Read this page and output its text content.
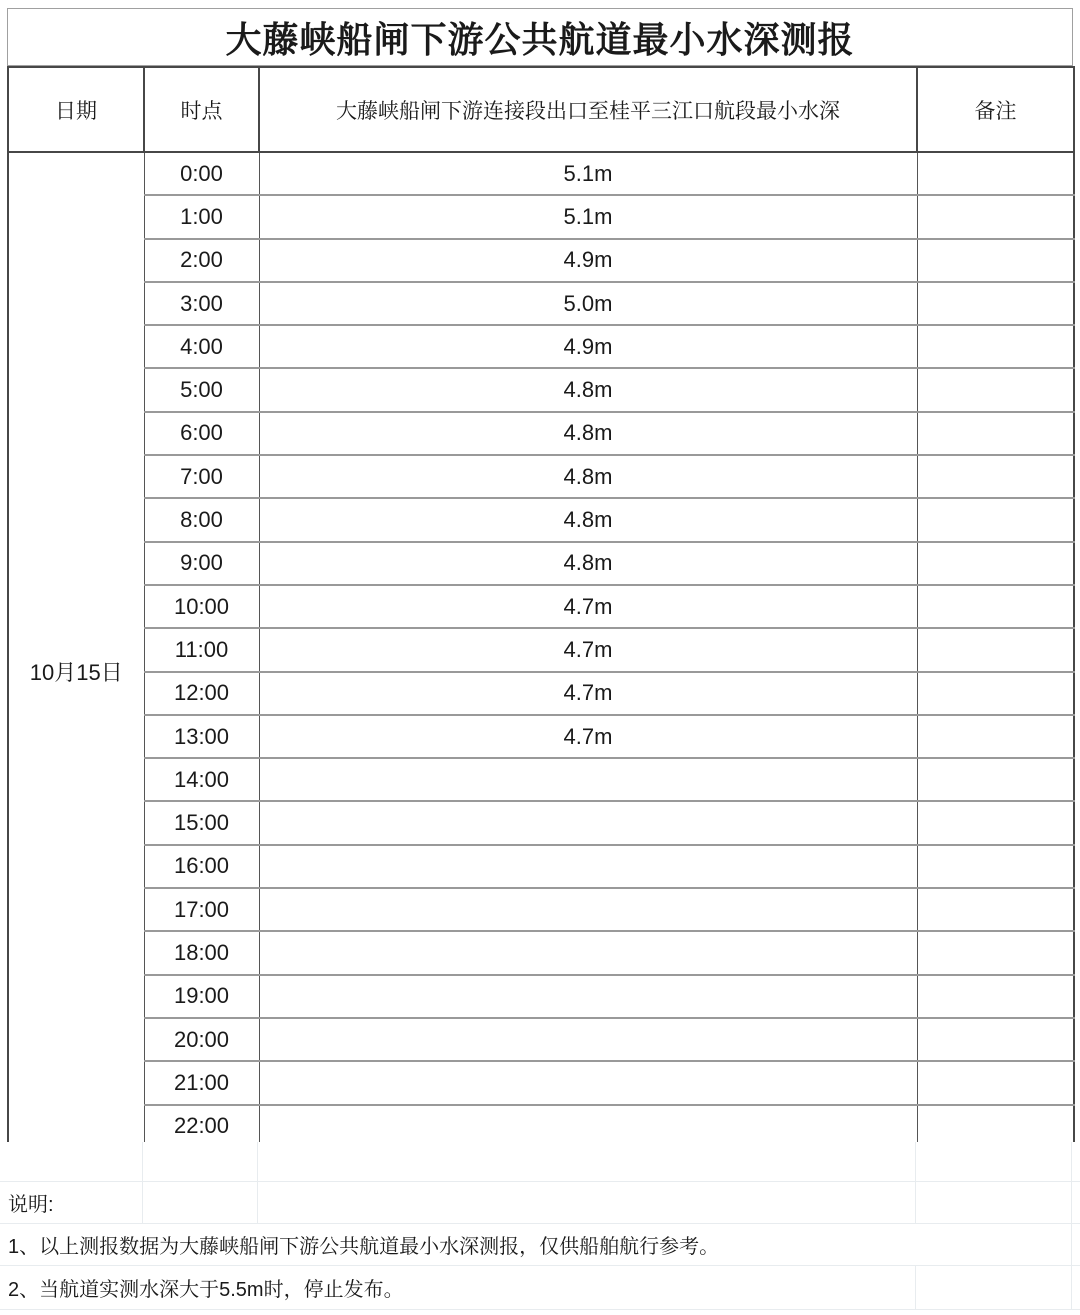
大藤峡船闸下游公共航道最小水深测报
日期	时点	大藤峡船闸下游连接段出口至桂平三江口航段最小水深	备注
10月15日	0:00	5.1m	
	1:00	5.1m	
	2:00	4.9m	
	3:00	5.0m	
	4:00	4.9m	
	5:00	4.8m	
	6:00	4.8m	
	7:00	4.8m	
	8:00	4.8m	
	9:00	4.8m	
	10:00	4.7m	
	11:00	4.7m	
	12:00	4.7m	
	13:00	4.7m	
	14:00		
	15:00		
	16:00		
	17:00		
	18:00		
	19:00		
	20:00		
	21:00		
	22:00		

说明:
1、以上测报数据为大藤峡船闸下游公共航道最小水深测报，仅供船舶航行参考。
2、当航道实测水深大于5.5m时，停止发布。
